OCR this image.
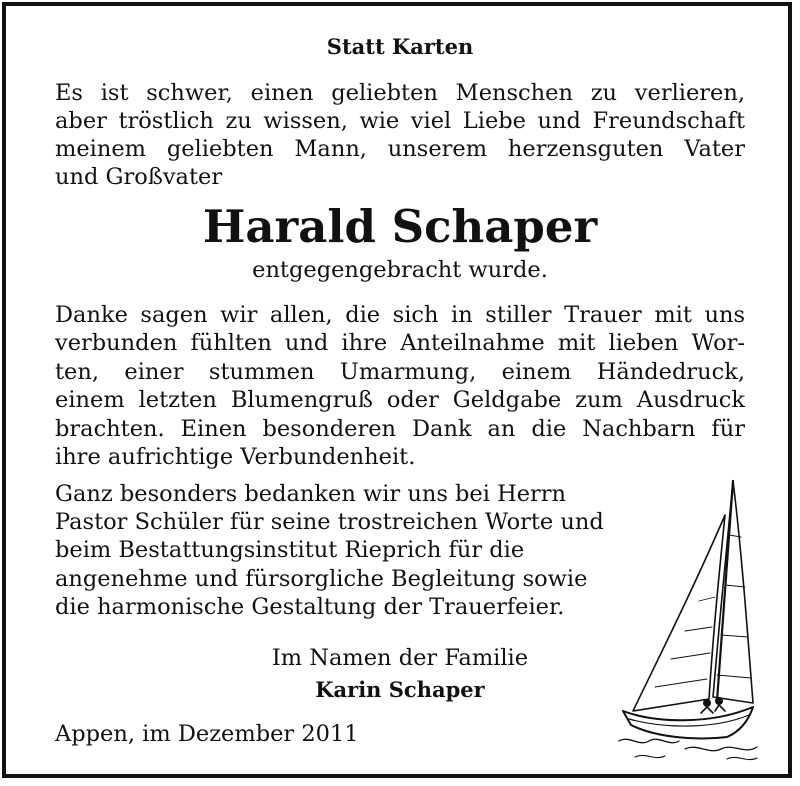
Statt Karten
Es ist schwer, einen geliebten Menschen zu verlieren,
aber tröstlich zu wissen, wie viel Liebe und Freundschaft
meinem geliebten Mann, unserem herzensguten Vater
und Großvater
Harald Schaper
entgegengebracht wurde.
Danke sagen wir allen, die sich in stiller Trauer mit uns
verbunden fühlten und ihre Anteilnahme mit lieben Wor-
ten, einer stummen Umarmung, einem Händedruck,
einem letzten Blumengruß oder Geldgabe zum Ausdruck
brachten. Einen besonderen Dank an die Nachbarn für
ihre aufrichtige Verbundenheit.
Ganz besonders bedanken wir uns bei Herrn
Pastor Schüler für seine trostreichen Worte und
beim Bestattungsinstitut Rieprich für die
angenehme und fürsorgliche Begleitung sowie
die harmonische Gestaltung der Trauerfeier.
Im Namen der Familie
Karin Schaper
Appen, im Dezember 2011
